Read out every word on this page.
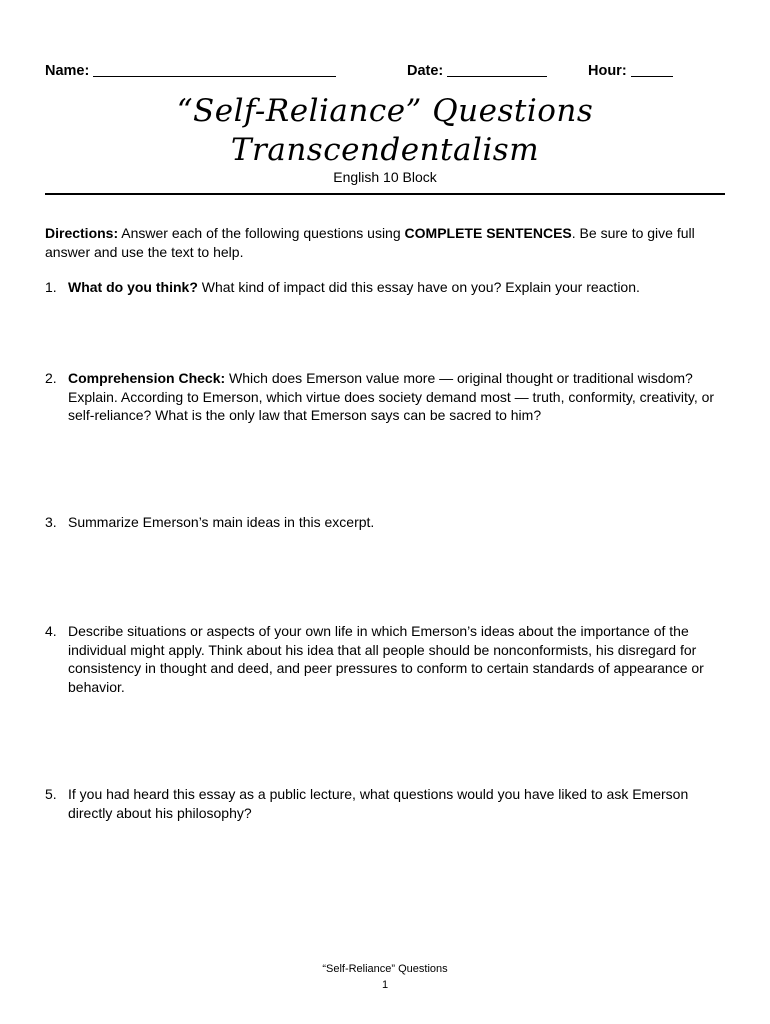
Name:	Date:	Hour:
“Self-Reliance” Questions
Transcendentalism
English 10 Block
Directions: Answer each of the following questions using COMPLETE SENTENCES. Be sure to give full answer and use the text to help.
1. What do you think? What kind of impact did this essay have on you? Explain your reaction.
2. Comprehension Check: Which does Emerson value more — original thought or traditional wisdom? Explain. According to Emerson, which virtue does society demand most — truth, conformity, creativity, or self-reliance? What is the only law that Emerson says can be sacred to him?
3. Summarize Emerson’s main ideas in this excerpt.
4. Describe situations or aspects of your own life in which Emerson’s ideas about the importance of the individual might apply. Think about his idea that all people should be nonconformists, his disregard for consistency in thought and deed, and peer pressures to conform to certain standards of appearance or behavior.
5. If you had heard this essay as a public lecture, what questions would you have liked to ask Emerson directly about his philosophy?
“Self-Reliance” Questions
1
